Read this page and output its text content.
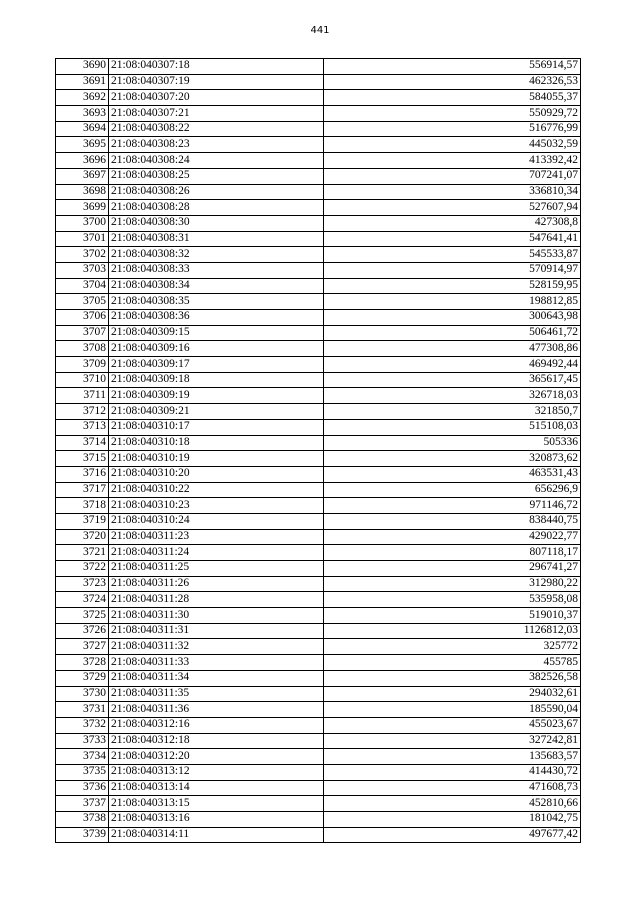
441
3690	21:08:040307:18	556914,57
3691	21:08:040307:19	462326,53
3692	21:08:040307:20	584055,37
3693	21:08:040307:21	550929,72
3694	21:08:040308:22	516776,99
3695	21:08:040308:23	445032,59
3696	21:08:040308:24	413392,42
3697	21:08:040308:25	707241,07
3698	21:08:040308:26	336810,34
3699	21:08:040308:28	527607,94
3700	21:08:040308:30	427308,8
3701	21:08:040308:31	547641,41
3702	21:08:040308:32	545533,87
3703	21:08:040308:33	570914,97
3704	21:08:040308:34	528159,95
3705	21:08:040308:35	198812,85
3706	21:08:040308:36	300643,98
3707	21:08:040309:15	506461,72
3708	21:08:040309:16	477308,86
3709	21:08:040309:17	469492,44
3710	21:08:040309:18	365617,45
3711	21:08:040309:19	326718,03
3712	21:08:040309:21	321850,7
3713	21:08:040310:17	515108,03
3714	21:08:040310:18	505336
3715	21:08:040310:19	320873,62
3716	21:08:040310:20	463531,43
3717	21:08:040310:22	656296,9
3718	21:08:040310:23	971146,72
3719	21:08:040310:24	838440,75
3720	21:08:040311:23	429022,77
3721	21:08:040311:24	807118,17
3722	21:08:040311:25	296741,27
3723	21:08:040311:26	312980,22
3724	21:08:040311:28	535958,08
3725	21:08:040311:30	519010,37
3726	21:08:040311:31	1126812,03
3727	21:08:040311:32	325772
3728	21:08:040311:33	455785
3729	21:08:040311:34	382526,58
3730	21:08:040311:35	294032,61
3731	21:08:040311:36	185590,04
3732	21:08:040312:16	455023,67
3733	21:08:040312:18	327242,81
3734	21:08:040312:20	135683,57
3735	21:08:040313:12	414430,72
3736	21:08:040313:14	471608,73
3737	21:08:040313:15	452810,66
3738	21:08:040313:16	181042,75
3739	21:08:040314:11	497677,42
